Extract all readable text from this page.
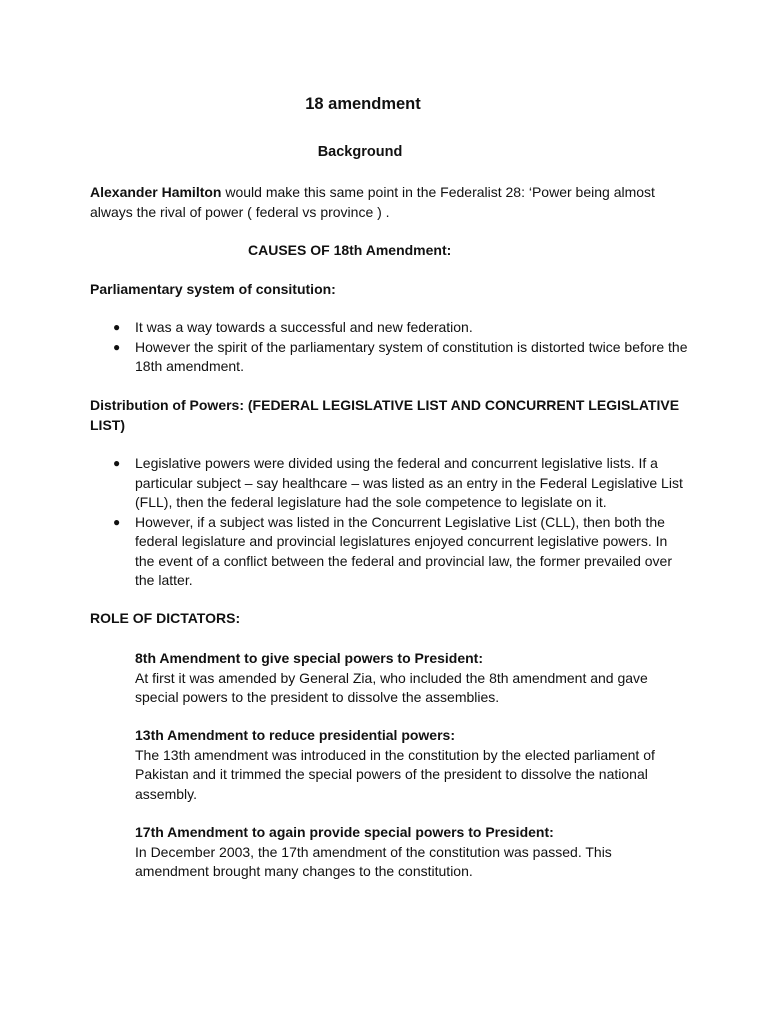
18 amendment
Background

Alexander Hamilton would make this same point in the Federalist 28: ‘Power being almost always the rival of power ( federal vs province ) .

CAUSES OF 18th Amendment:

Parliamentary system of consitution:

● It was a way towards a successful and new federation.
● However the spirit of the parliamentary system of constitution is distorted twice before the 18th amendment.

Distribution of Powers: (FEDERAL LEGISLATIVE LIST AND CONCURRENT LEGISLATIVE LIST)

● Legislative powers were divided using the federal and concurrent legislative lists. If a particular subject – say healthcare – was listed as an entry in the Federal Legislative List (FLL), then the federal legislature had the sole competence to legislate on it.
● However, if a subject was listed in the Concurrent Legislative List (CLL), then both the federal legislature and provincial legislatures enjoyed concurrent legislative powers. In the event of a conflict between the federal and provincial law, the former prevailed over the latter.

ROLE OF DICTATORS:

8th Amendment to give special powers to President:
At first it was amended by General Zia, who included the 8th amendment and gave special powers to the president to dissolve the assemblies.
13th Amendment to reduce presidential powers:
The 13th amendment was introduced in the constitution by the elected parliament of Pakistan and it trimmed the special powers of the president to dissolve the national assembly.
17th Amendment to again provide special powers to President:
In December 2003, the 17th amendment of the constitution was passed. This amendment brought many changes to the constitution.
